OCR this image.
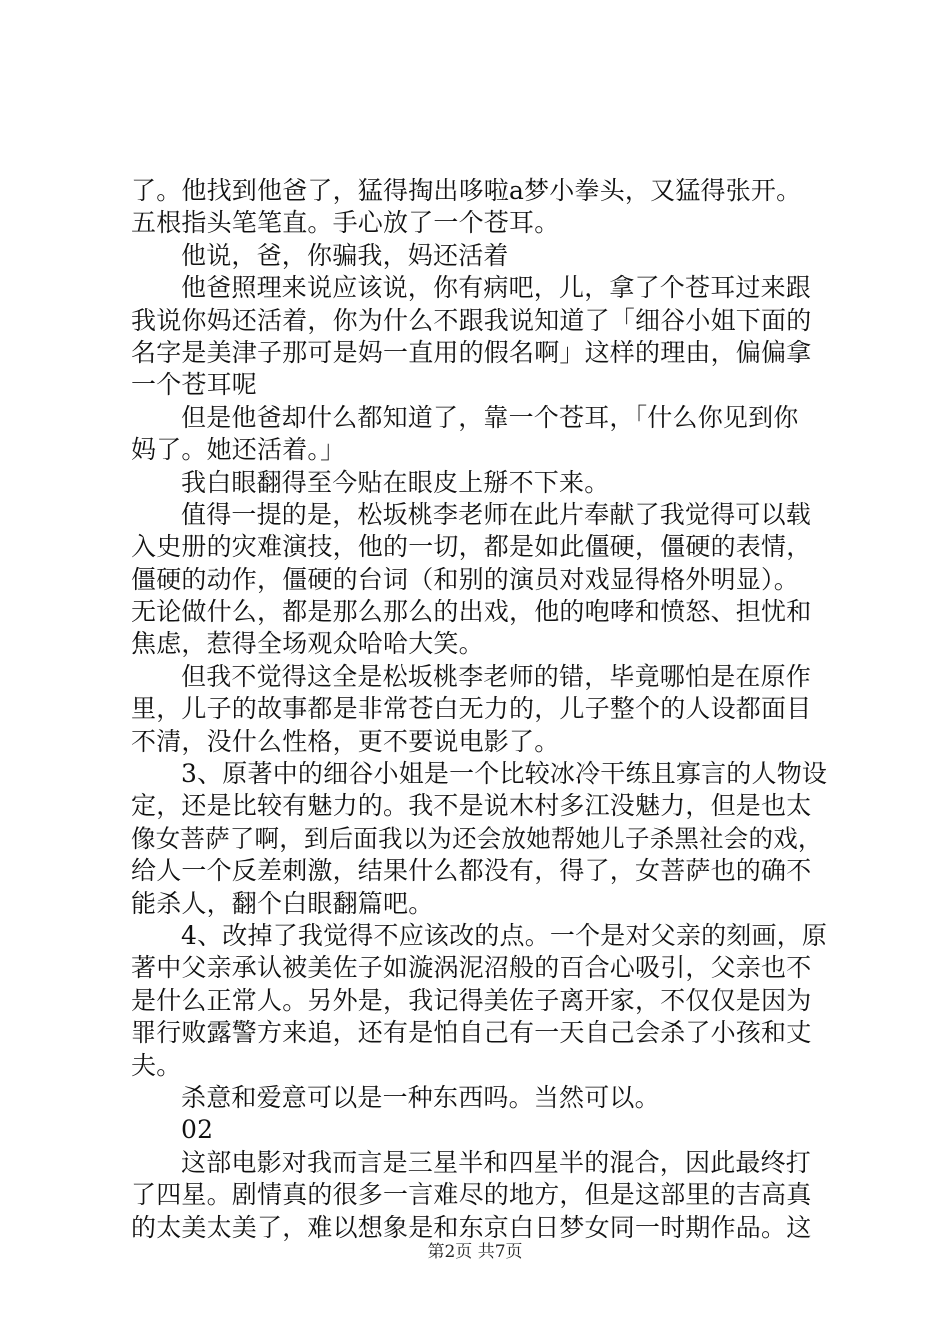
了。他找到他爸了，猛得掏出哆啦a梦小拳头，又猛得张开。
五根指头笔笔直。手心放了一个苍耳。
他说，爸，你骗我，妈还活着
他爸照理来说应该说，你有病吧，儿，拿了个苍耳过来跟
我说你妈还活着，你为什么不跟我说知道了「细谷小姐下面的
名字是美津子那可是妈一直用的假名啊」这样的理由，偏偏拿
一个苍耳呢
但是他爸却什么都知道了，靠一个苍耳，「什么你见到你
妈了。她还活着。」
我白眼翻得至今贴在眼皮上掰不下来。
值得一提的是，松坂桃李老师在此片奉献了我觉得可以载
入史册的灾难演技，他的一切，都是如此僵硬，僵硬的表情，
僵硬的动作，僵硬的台词（和别的演员对戏显得格外明显）。
无论做什么，都是那么那么的出戏，他的咆哮和愤怒、担忧和
焦虑，惹得全场观众哈哈大笑。
但我不觉得这全是松坂桃李老师的错，毕竟哪怕是在原作
里，儿子的故事都是非常苍白无力的，儿子整个的人设都面目
不清，没什么性格，更不要说电影了。
3、原著中的细谷小姐是一个比较冰冷干练且寡言的人物设
定，还是比较有魅力的。我不是说木村多江没魅力，但是也太
像女菩萨了啊，到后面我以为还会放她帮她儿子杀黑社会的戏，
给人一个反差刺激，结果什么都没有，得了，女菩萨也的确不
能杀人，翻个白眼翻篇吧。
4、改掉了我觉得不应该改的点。一个是对父亲的刻画，原
著中父亲承认被美佐子如漩涡泥沼般的百合心吸引，父亲也不
是什么正常人。另外是，我记得美佐子离开家，不仅仅是因为
罪行败露警方来追，还有是怕自己有一天自己会杀了小孩和丈
夫。
杀意和爱意可以是一种东西吗。当然可以。
02
这部电影对我而言是三星半和四星半的混合，因此最终打
了四星。剧情真的很多一言难尽的地方，但是这部里的吉高真
的太美太美了，难以想象是和东京白日梦女同一时期作品。这
第2页 共7页
